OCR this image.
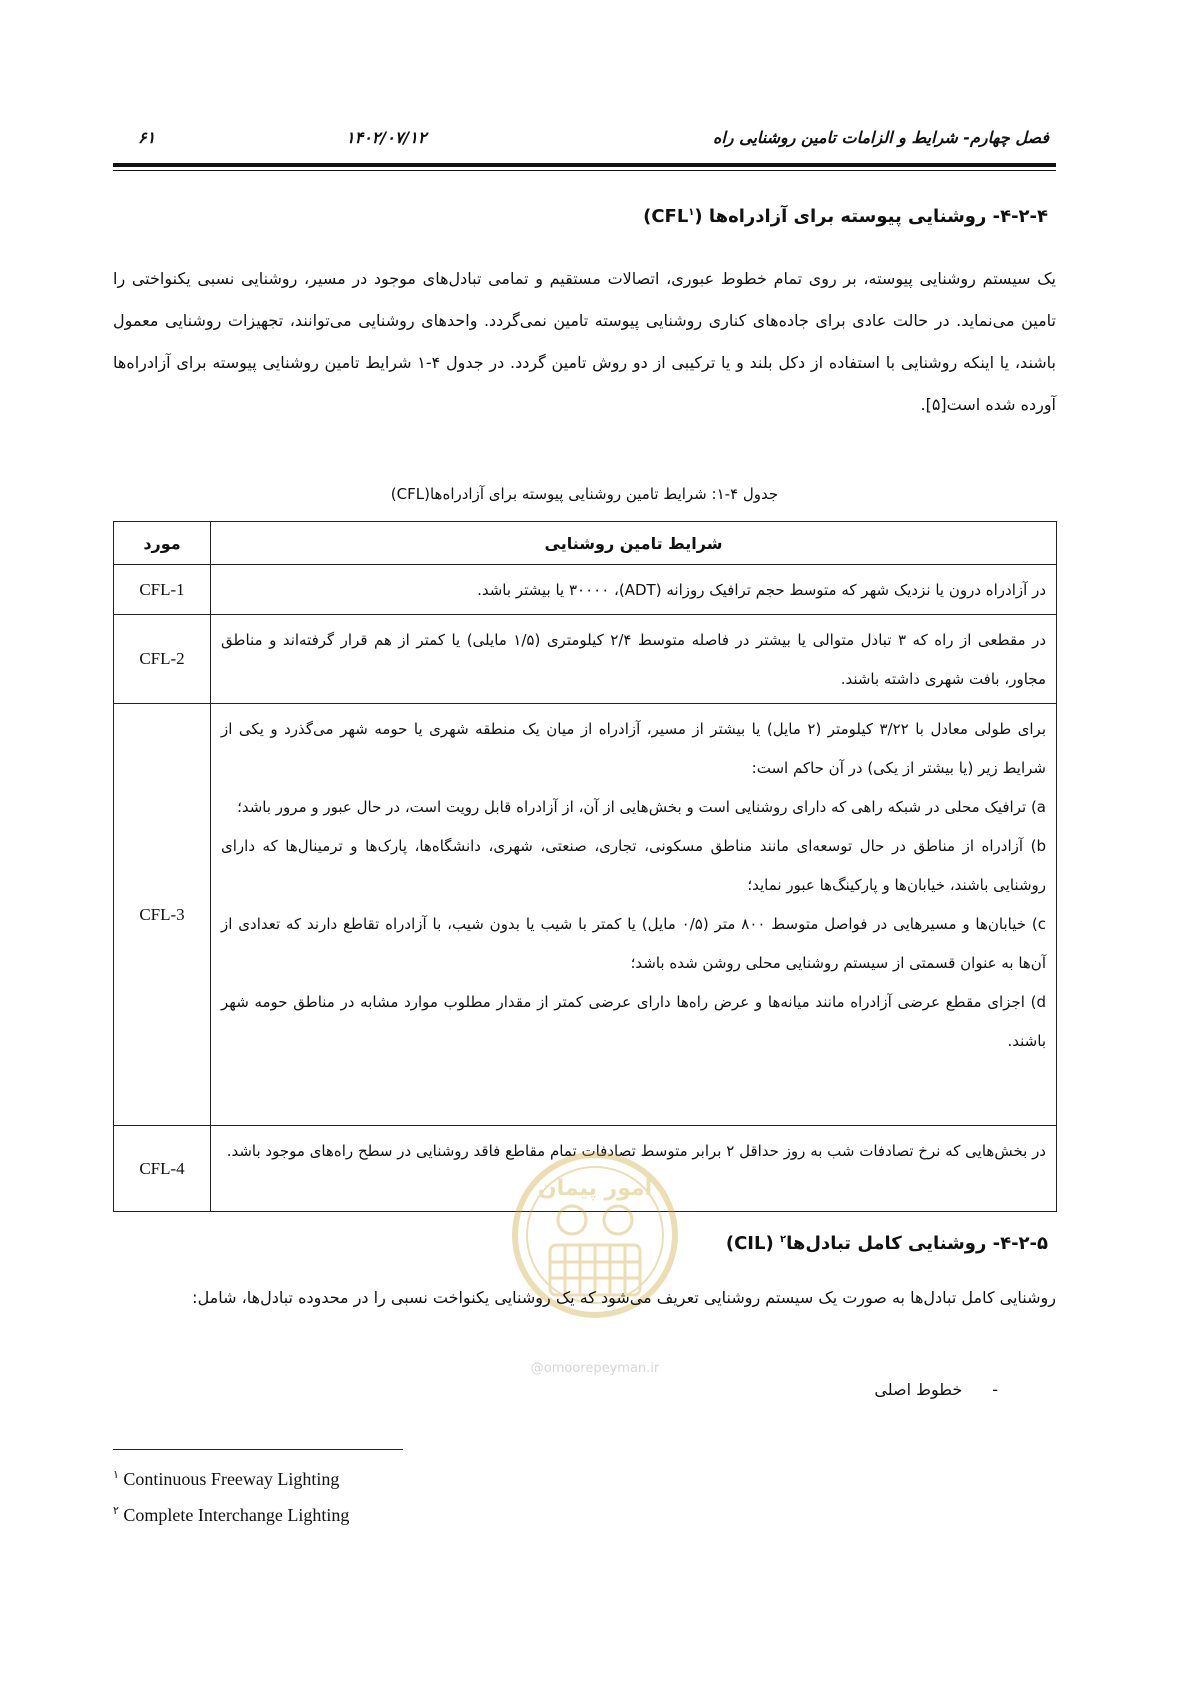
فصل چهارم- شرایط و الزامات تامین روشنایی راه
۱۴۰۲/۰۷/۱۲
۶۱
۴-۲-۴- روشنایی پیوسته برای آزادراه‌ها (CFL$^۱$)

یک سیستم روشنایی پیوسته، بر روی تمام خطوط عبوری، اتصالات مستقیم و تمامی تبادل‌های موجود در مسیر، روشنایی نسبی یکنواختی را تامین می‌نماید. در حالت عادی برای جاده‌های کناری روشنایی پیوسته تامین نمی‌گردد. واحدهای روشنایی می‌توانند، تجهیزات روشنایی معمول باشند، یا اینکه روشنایی با استفاده از دکل بلند و یا ترکیبی از دو روش تامین گردد. در جدول ۴-۱ شرایط تامین روشنایی پیوسته برای آزادراه‌ها آورده شده است[۵].

جدول ۴-۱: شرایط تامین روشنایی پیوسته برای آزادراه‌ها(CFL)
شرایط تامین روشنایی	مورد
در آزادراه درون یا نزدیک شهر که متوسط حجم ترافیک روزانه (ADT)، ۳۰۰۰۰ یا بیشتر باشد.	CFL-1
در مقطعی از راه که ۳ تبادل متوالی یا بیشتر در فاصله متوسط ۲/۴ کیلومتری (۱/۵ مایلی) یا کمتر از هم قرار گرفته‌اند و مناطق مجاور، بافت شهری داشته باشند.	CFL-2

برای طولی معادل با ۳/۲۲ کیلومتر (۲ مایل) یا بیشتر از مسیر، آزادراه از میان یک منطقه شهری یا حومه شهر می‌گذرد و یکی از شرایط زیر (یا بیشتر از یکی) در آن حاکم است:

a) ترافیک محلی در شبکه راهی که دارای روشنایی است و بخش‌هایی از آن، از آزادراه قابل رویت است، در حال عبور و مرور باشد؛

b) آزادراه از مناطق در حال توسعه‌ای مانند مناطق مسکونی، تجاری، صنعتی، شهری، دانشگاه‌ها، پارک‌ها و ترمینال‌ها که دارای روشنایی باشند، خیابان‌ها و پارکینگ‌ها عبور نماید؛

c) خیابان‌ها و مسیرهایی در فواصل متوسط ۸۰۰ متر (۰/۵ مایل) یا کمتر با شیب یا بدون شیب، با آزادراه تقاطع دارند که تعدادی از آن‌ها به عنوان قسمتی از سیستم روشنایی محلی روشن شده باشد؛

d) اجزای مقطع عرضی آزادراه مانند میانه‌ها و عرض راه‌ها دارای عرضی کمتر از مقدار مطلوب موارد مشابه در مناطق حومه شهر باشند.	CFL-3
در بخش‌هایی که نرخ تصادفات شب به روز حداقل ۲ برابر متوسط تصادفات تمام مقاطع فاقد روشنایی در سطح راه‌های موجود باشد.	CFL-4
امور پیمان
@omoorepeyman.ir
۴-۲-۵- روشنایی کامل تبادل‌ها$^۲$ (CIL)

روشنایی کامل تبادل‌ها به صورت یک سیستم روشنایی تعریف می‌شود که یک روشنایی یکنواخت نسبی را در محدوده تبادل‌ها، شامل:

-خطوط اصلی
$^۱$ Continuous Freeway Lighting
$^۲$ Complete Interchange Lighting
